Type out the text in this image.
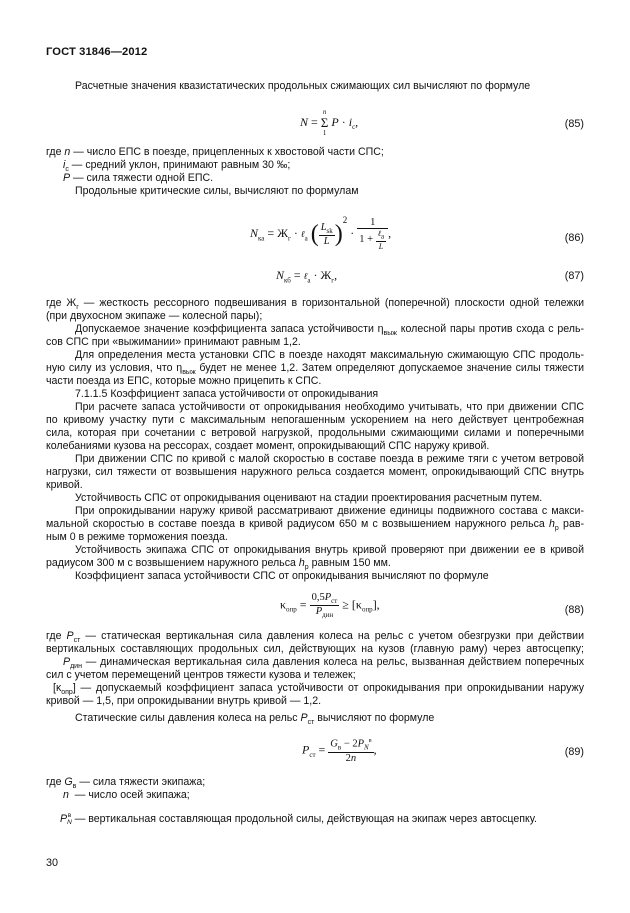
ГОСТ 31846—2012
Расчетные значения квазистатических продольных сжимающих сил вычисляют по формуле
N =
n
Σ
1
$P \cdot i_с$,	(85)
где n — число ЕПС в поезде, прицепленных к хвостовой части СПС;
$i_с$ — средний уклон, принимают равным 30 ‰;
P — сила тяжести одной ЕПС.
Продольные критические силы, вычисляют по формулам
$N_{ка} = Ж_г$ · ℓ$_а$ ( $\frac{L_{sk}}{L} )^2 \cdot \frac{1}{1 + \frac{\ell_а}{L}}$ ,	(86)
$N_{кб}$ = ℓ$_а$ · $Ж_г$,	(87)
где $Ж_г$ — жесткость рессорного подвешивания в горизонтальной (поперечной) плоскости одной тележки
(при двухосном экипаже — колесной пары);
Допускаемое значение коэффициента запаса устойчивости $\eta_{выж}$ колесной пары против схода с рель-
сов СПС при «выжимании» принимают равным 1,2.
Для определения места установки СПС в поезде находят максимальную сжимающую СПС продоль-
ную силу из условия, что $\eta_{выж}$ будет не менее 1,2. Затем определяют допускаемое значение силы тяжести
части поезда из ЕПС, которые можно прицепить к СПС.
7.1.1.5 Коэффициент запаса устойчивости от опрокидывания
При расчете запаса устойчивости от опрокидывания необходимо учитывать, что при движении СПС
по кривому участку пути с максимальным непогашенным ускорением на него действует центробежная
сила, которая при сочетании с ветровой нагрузкой, продольными сжимающими силами и поперечными
колебаниями кузова на рессорах, создает момент, опрокидывающий СПС наружу кривой.
При движении СПС по кривой с малой скоростью в составе поезда в режиме тяги с учетом ветровой
нагрузки, сил тяжести от возвышения наружного рельса создается момент, опрокидывающий СПС внутрь
кривой.
Устойчивость СПС от опрокидывания оценивают на стадии проектирования расчетным путем.
При опрокидывании наружу кривой рассматривают движение единицы подвижного состава с макси-
мальной скоростью в составе поезда в кривой радиусом 650 м с возвышением наружного рельса $h_р$ рав-
ным 0 в режиме торможения поезда.
Устойчивость экипажа СПС от опрокидывания внутрь кривой проверяют при движении ее в кривой
радиусом 300 м с возвышением наружного рельса $h_р$ равным 150 мм.
Коэффициент запаса устойчивости СПС от опрокидывания вычисляют по формуле
$\kappa_{опр} = \frac{0,5P_{ст}}{P_{дин}} \ge [\kappa_{опр}]$,	(88)
где $P_{ст}$ — статическая вертикальная сила давления колеса на рельс с учетом обезгрузки при действии
вертикальных составляющих продольных сил, действующих на кузов (главную раму) через автосцепку;
$P_{дин}$ — динамическая вертикальная сила давления колеса на рельс, вызванная действием поперечных
сил с учетом перемещений центров тяжести кузова и тележек;
$[\kappa_{опр}]$ — допускаемый коэффициент запаса устойчивости от опрокидывания при опрокидывании наружу
кривой — 1,5, при опрокидывании внутрь кривой — 1,2.
Статические силы давления колеса на рельс $P_{ст}$ вычисляют по формуле
$P_{ст} = \frac{G_в - 2P_N^в}{2n}$ ,	(89)
где $G_в$ — сила тяжести экипажа;
n  — число осей экипажа;
P в
N — вертикальная составляющая продольной силы, действующая на экипаж через автосцепку.
30
